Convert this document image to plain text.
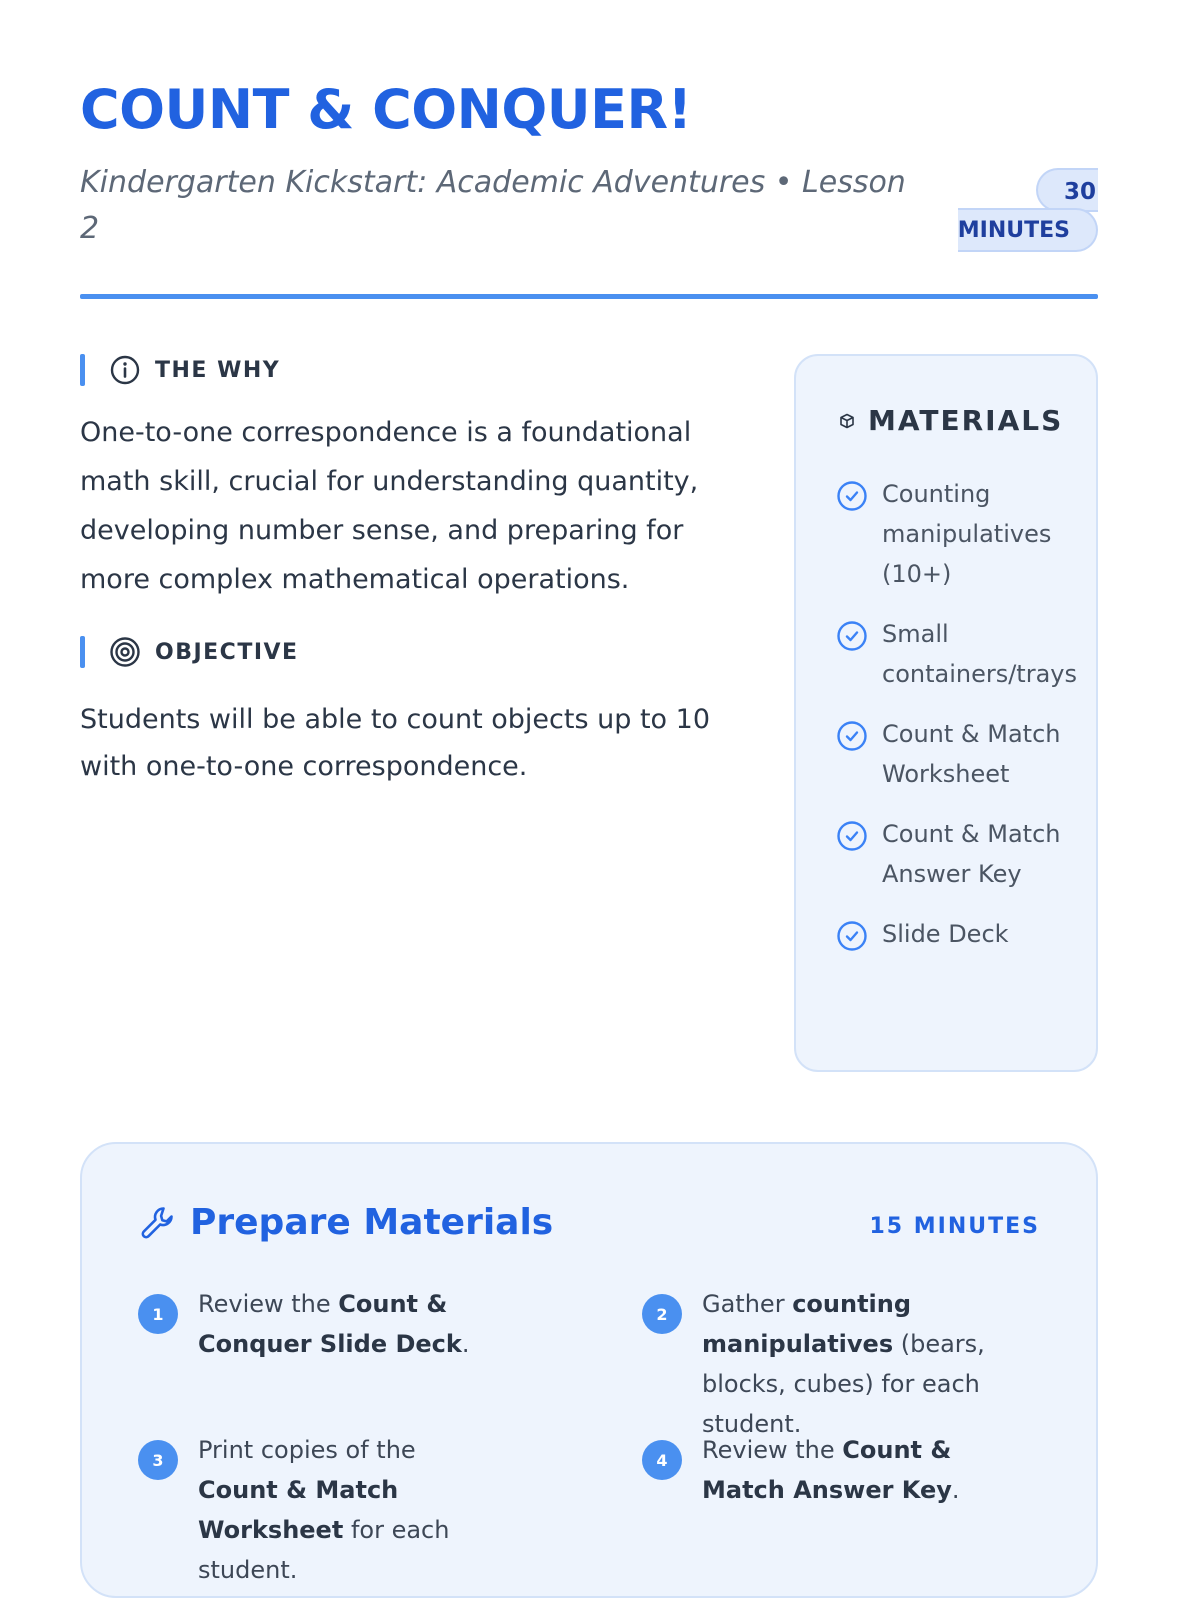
COUNT & CONQUER!

Kindergarten Kickstart: Academic Adventures • Lesson 2

30
MINUTES
THE WHY

One-to-one correspondence is a foundational math skill, crucial for understanding quantity, developing number sense, and preparing for more complex mathematical operations.

OBJECTIVE

Students will be able to count objects up to 10 with one-to-one correspondence.

MATERIALS
Counting manipulatives (10+)
Small containers/trays
Count & Match Worksheet
Count & Match Answer Key
Slide Deck
Prepare Materials	15 MINUTES
1	Review the Count & Conquer Slide Deck.
2	Gather counting manipulatives (bears, blocks, cubes) for each student.
3	Print copies of the Count & Match Worksheet for each student.
4	Review the Count & Match Answer Key.
